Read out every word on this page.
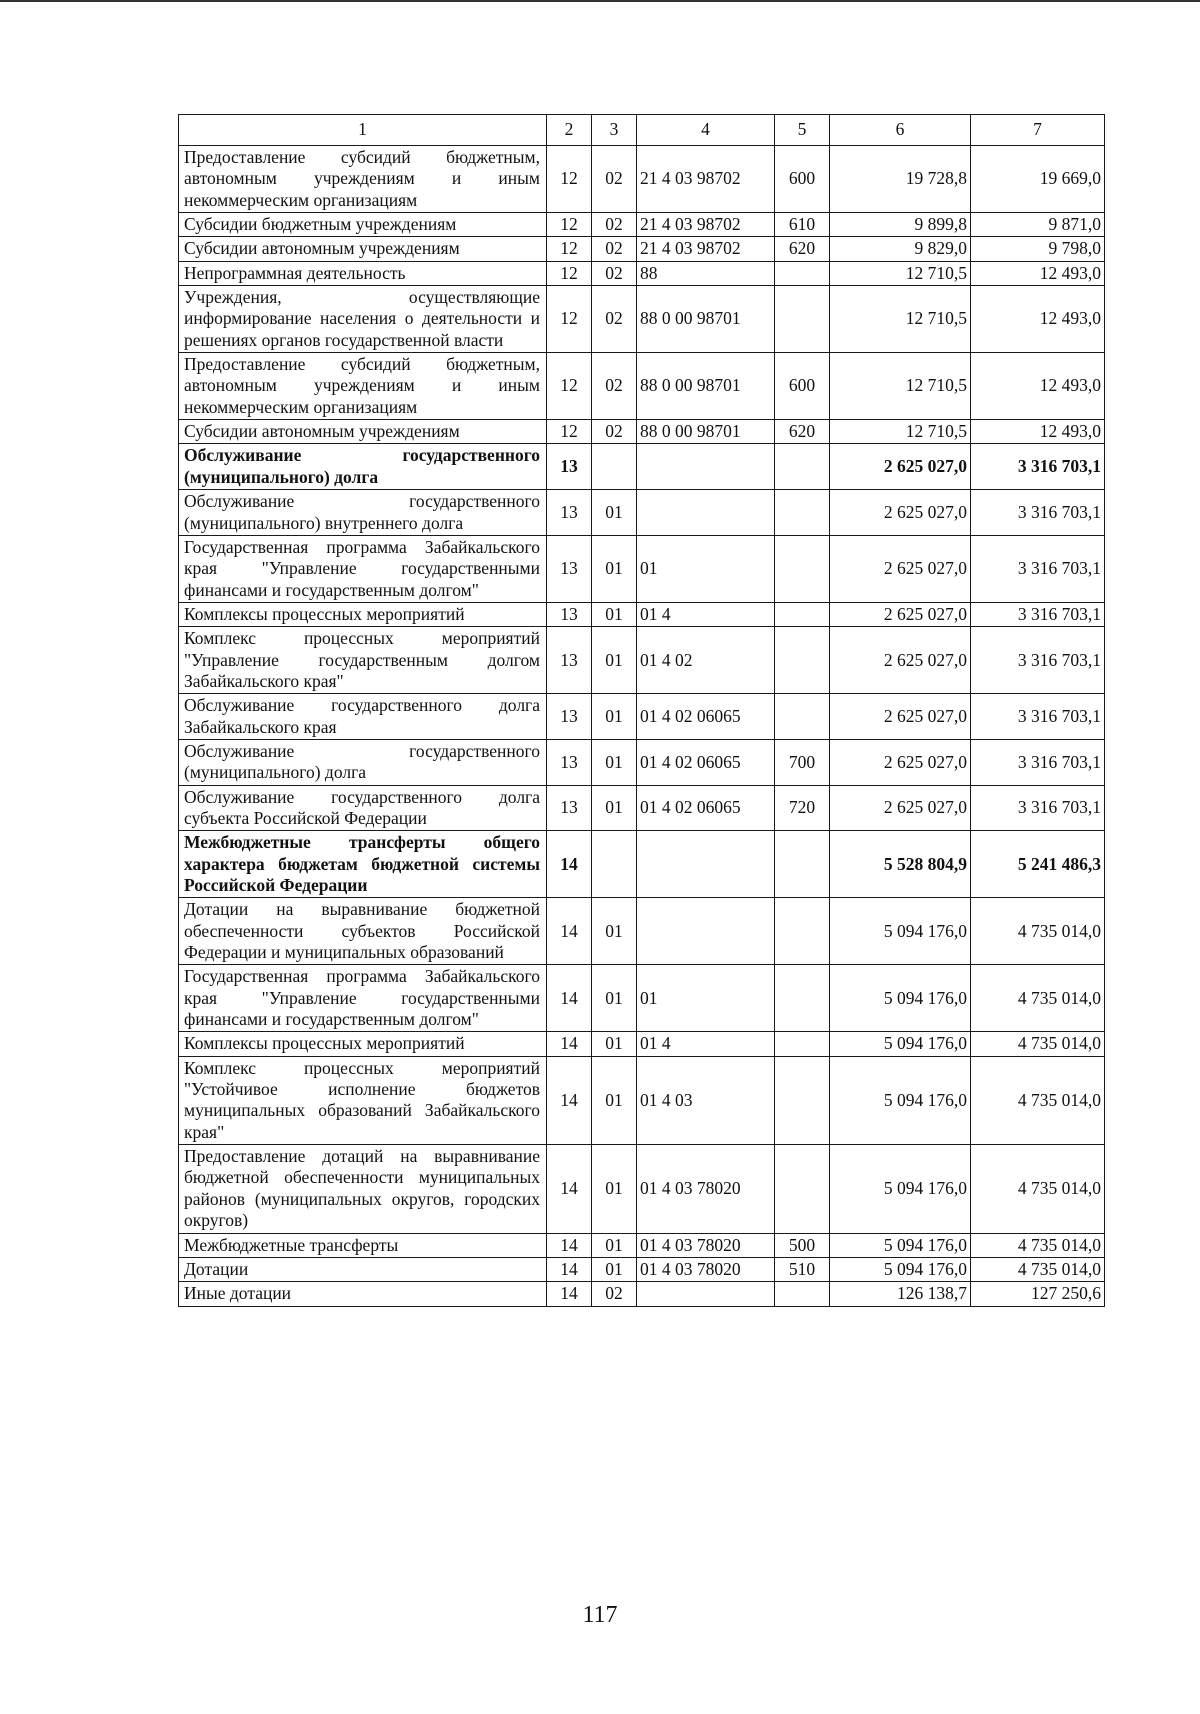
1	2	3	4	5	6	7
Предоставление субсидий бюджетным, автономным учреждениям и иным некоммерческим организациям	12	02	21 4 03 98702	600	19 728,8	19 669,0
Субсидии бюджетным учреждениям	12	02	21 4 03 98702	610	9 899,8	9 871,0
Субсидии автономным учреждениям	12	02	21 4 03 98702	620	9 829,0	9 798,0
Непрограммная деятельность	12	02	88		12 710,5	12 493,0
Учреждения, осуществляющие информирование населения о деятельности и решениях органов государственной власти	12	02	88 0 00 98701		12 710,5	12 493,0
Предоставление субсидий бюджетным, автономным учреждениям и иным некоммерческим организациям	12	02	88 0 00 98701	600	12 710,5	12 493,0
Субсидии автономным учреждениям	12	02	88 0 00 98701	620	12 710,5	12 493,0
Обслуживание государственного (муниципального) долга	13				2 625 027,0	3 316 703,1
Обслуживание государственного (муниципального) внутреннего долга	13	01			2 625 027,0	3 316 703,1
Государственная программа Забайкальского края "Управление государственными финансами и государственным долгом"	13	01	01		2 625 027,0	3 316 703,1
Комплексы процессных мероприятий	13	01	01 4		2 625 027,0	3 316 703,1
Комплекс процессных мероприятий "Управление государственным долгом Забайкальского края"	13	01	01 4 02		2 625 027,0	3 316 703,1
Обслуживание государственного долга Забайкальского края	13	01	01 4 02 06065		2 625 027,0	3 316 703,1
Обслуживание государственного (муниципального) долга	13	01	01 4 02 06065	700	2 625 027,0	3 316 703,1
Обслуживание государственного долга субъекта Российской Федерации	13	01	01 4 02 06065	720	2 625 027,0	3 316 703,1
Межбюджетные трансферты общего характера бюджетам бюджетной системы Российской Федерации	14				5 528 804,9	5 241 486,3
Дотации на выравнивание бюджетной обеспеченности субъектов Российской Федерации и муниципальных образований	14	01			5 094 176,0	4 735 014,0
Государственная программа Забайкальского края "Управление государственными финансами и государственным долгом"	14	01	01		5 094 176,0	4 735 014,0
Комплексы процессных мероприятий	14	01	01 4		5 094 176,0	4 735 014,0
Комплекс процессных мероприятий "Устойчивое исполнение бюджетов муниципальных образований Забайкальского края"	14	01	01 4 03		5 094 176,0	4 735 014,0
Предоставление дотаций на выравнивание бюджетной обеспеченности муниципальных районов (муниципальных округов, городских округов)	14	01	01 4 03 78020		5 094 176,0	4 735 014,0
Межбюджетные трансферты	14	01	01 4 03 78020	500	5 094 176,0	4 735 014,0
Дотации	14	01	01 4 03 78020	510	5 094 176,0	4 735 014,0
Иные дотации	14	02			126 138,7	127 250,6
117
